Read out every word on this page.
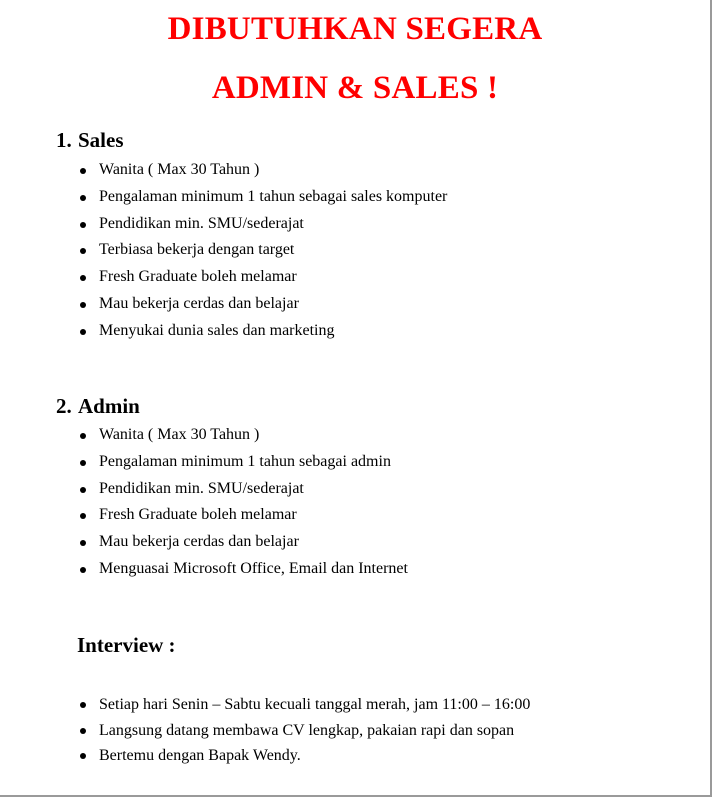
DIBUTUHKAN SEGERA
ADMIN & SALES !
1. Sales
Wanita ( Max 30 Tahun )
Pengalaman minimum 1 tahun sebagai sales komputer
Pendidikan min. SMU/sederajat
Terbiasa bekerja dengan target
Fresh Graduate boleh melamar
Mau bekerja cerdas dan belajar
Menyukai dunia sales dan marketing
2. Admin
Wanita ( Max 30 Tahun )
Pengalaman minimum 1 tahun sebagai admin
Pendidikan min. SMU/sederajat
Fresh Graduate boleh melamar
Mau bekerja cerdas dan belajar
Menguasai Microsoft Office, Email dan Internet
Interview :
Setiap hari Senin – Sabtu kecuali tanggal merah, jam 11:00 – 16:00
Langsung datang membawa CV lengkap, pakaian rapi dan sopan
Bertemu dengan Bapak Wendy.
